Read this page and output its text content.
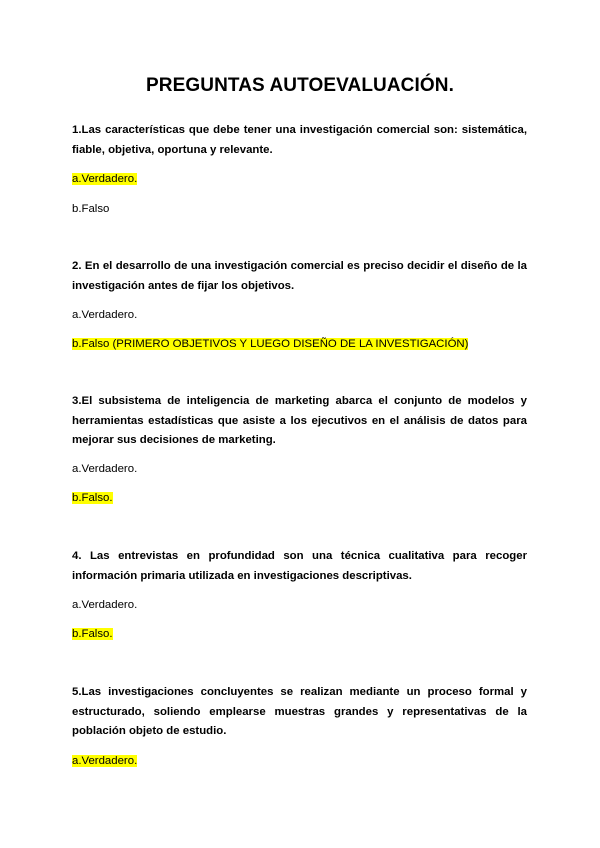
PREGUNTAS AUTOEVALUACIÓN.
1.Las características que debe tener una investigación comercial son: sistemática, fiable, objetiva, oportuna y relevante.
a.Verdadero.
b.Falso
2. En el desarrollo de una investigación comercial es preciso decidir el diseño de la investigación antes de fijar los objetivos.
a.Verdadero.
b.Falso (PRIMERO OBJETIVOS Y LUEGO DISEÑO DE LA INVESTIGACIÓN)
3.El subsistema de inteligencia de marketing abarca el conjunto de modelos y herramientas estadísticas que asiste a los ejecutivos en el análisis de datos para mejorar sus decisiones de marketing.
a.Verdadero.
b.Falso.
4. Las entrevistas en profundidad son una técnica cualitativa para recoger información primaria utilizada en investigaciones descriptivas.
a.Verdadero.
b.Falso.
5.Las investigaciones concluyentes se realizan mediante un proceso formal y estructurado, soliendo emplearse muestras grandes y representativas de la población objeto de estudio.
a.Verdadero.
